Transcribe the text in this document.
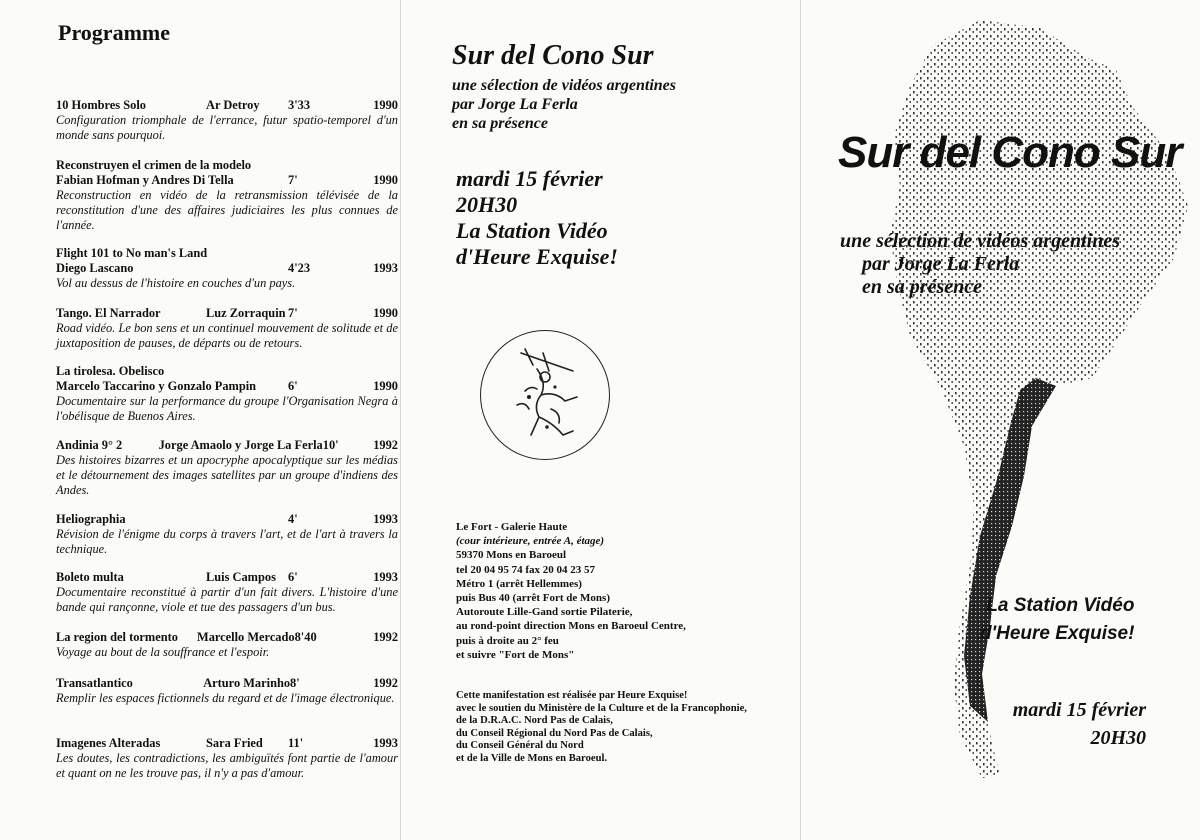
Programme
10 Hombres Solo	Ar Detroy	3'33	1990
Configuration triomphale de l'errance, futur spatio-temporel d'un monde sans pourquoi.
Reconstruyen el crimen de la modelo
Fabian Hofman y Andres Di Tella	7'	1990
Reconstruction en vidéo de la retransmission télévisée de la reconstitution d'une des affaires judiciaires les plus connues de l'année.
Flight 101 to No man's Land
Diego Lascano	4'23	1993
Vol au dessus de l'histoire en couches d'un pays.
Tango. El Narrador	Luz Zorraquin 7'	1990
Road vidéo. Le bon sens et un continuel mouvement de solitude et de juxtaposition de pauses, de départs ou de retours.
La tirolesa. Obelisco
Marcelo Taccarino y Gonzalo Pampin	6'	1990
Documentaire sur la performance du groupe l'Organisation Negra à l'obélisque de Buenos Aires.
Andinia 9° 2	Jorge Amaolo y Jorge La Ferla 10'	1992
Des histoires bizarres et un apocryphe apocalyptique sur les médias et le détournement des images satellites par un groupe d'indiens des Andes.
Heliographia	4'	1993
Révision de l'énigme du corps à travers l'art, et de l'art à travers la technique.
Boleto multa	Luis Campos 6'	1993
Documentaire reconstitué à partir d'un fait divers. L'histoire d'une bande qui rançonne, viole et tue des passagers d'un bus.
La region del tormento	Marcello Mercado 8'40	1992
Voyage au bout de la souffrance et l'espoir.
Transatlantico	Arturo Marinho 8'	1992
Remplir les espaces fictionnels du regard et de l'image électronique.
Imagenes Alteradas	Sara Fried	11'	1993
Les doutes, les contradictions, les ambiguïtés font partie de l'amour et quant on ne les trouve pas, il n'y a pas d'amour.
Sur del Cono Sur
une sélection de vidéos argentines
par Jorge La Ferla
en sa présence
mardi 15 février
20H30
La Station Vidéo
d'Heure Exquise!
Le Fort - Galerie Haute
(cour intérieure, entrée A, étage)
59370 Mons en Baroeul
tel 20 04 95 74 fax 20 04 23 57
Métro 1 (arrêt Hellemmes)
puis Bus 40 (arrêt Fort de Mons)
Autoroute Lille-Gand sortie Pilaterie,
au rond-point direction Mons en Baroeul Centre,
puis à droite au 2° feu
et suivre "Fort de Mons"
Cette manifestation est réalisée par Heure Exquise!
avec le soutien du Ministère de la Culture et de la Francophonie,
de la D.R.A.C. Nord Pas de Calais,
du Conseil Régional du Nord Pas de Calais,
du Conseil Général du Nord
et de la Ville de Mons en Baroeul.
Sur del Cono Sur
une sélection de vidéos argentines
par Jorge La Ferla
en sa présence
La Station Vidéo
d'Heure Exquise!
mardi 15 février
20H30
